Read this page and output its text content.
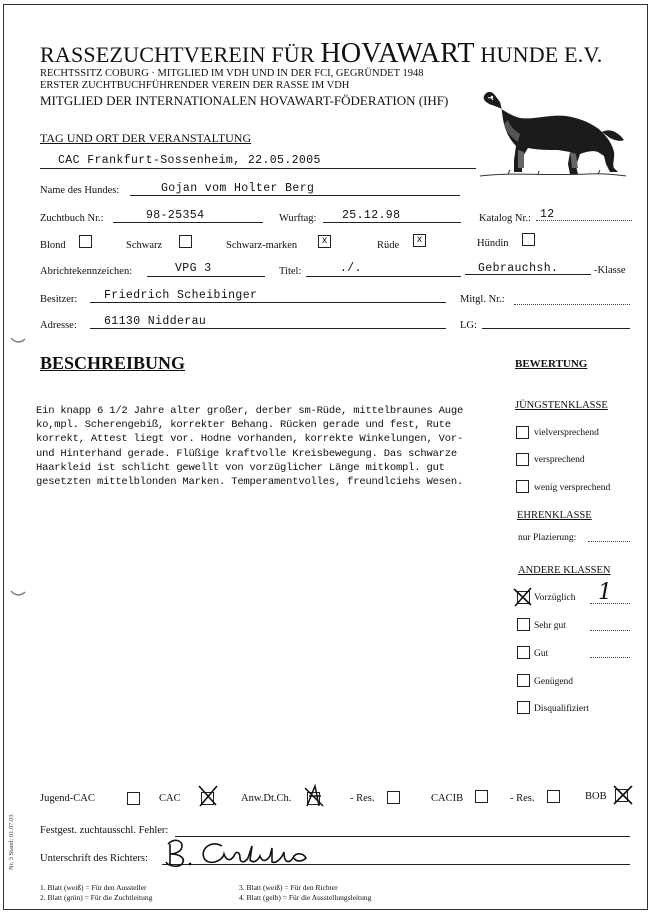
RASSEZUCHTVEREIN FÜR HOVAWART HUNDE E.V.
RECHTSSITZ COBURG · MITGLIED IM VDH UND IN DER FCI, GEGRÜNDET 1948
ERSTER ZUCHTBUCHFÜHRENDER VEREIN DER RASSE IM VDH
MITGLIED DER INTERNATIONALEN HOVAWART-FÖDERATION (IHF)
TAG UND ORT DER VERANSTALTUNG
CAC Frankfurt-Sossenheim, 22.05.2005
Name des Hundes:	Gojan vom Holter Berg
Zuchtbuch Nr.:	98-25354	Wurftag: 25.12.98	Katalog Nr.: 12
Blond	Schwarz	Schwarz-marken	x	Rüde
x	Hündin
Abrichtekennzeichen:	VPG 3	Titel:	./.	Gebrauchsh.	-Klasse
Besitzer: Friedrich Scheibinger	Mitgl. Nr.:
Adresse: 61130 Nidderau	LG:
BESCHREIBUNG
Ein knapp 6 1/2 Jahre alter großer, derber sm-Rüde, mittelbraunes Auge
ko,mpl. Scherengebiß, korrekter Behang. Rücken gerade und fest, Rute
korrekt, Attest liegt vor. Hodne vorhanden, korrekte Winkelungen, Vor-
und Hinterhand gerade. Flüßige kraftvolle Kreisbewegung. Das schwarze
Haarkleid ist schlicht gewellt von vorzüglicher Länge mitkompl. gut
gesetzten mittelblonden Marken. Temperamentvolles, freundlciehs Wesen.
BEWERTUNG
JÜNGSTENKLASSE
vielversprechend
versprechend
wenig versprechend
EHRENKLASSE
nur Plazierung:
ANDERE KLASSEN
Vorzüglich 1
Sehr gut
Gut
Genügend
Disqualifiziert
Jugend-CAC	CAC	Anw.Dt.Ch.	- Res.	CACIB	- Res.	BOB
Festgest. zuchtausschl. Fehler:
Unterschrift des Richters:
1. Blatt (weiß) = Für den Aussteller
2. Blatt (grün) = Für die Zuchtleitung
3. Blatt (weiß) = Für den Richter
4. Blatt (gelb) = Für die Ausstellungsleitung
Nr. 3 Stand: 01.07.03
